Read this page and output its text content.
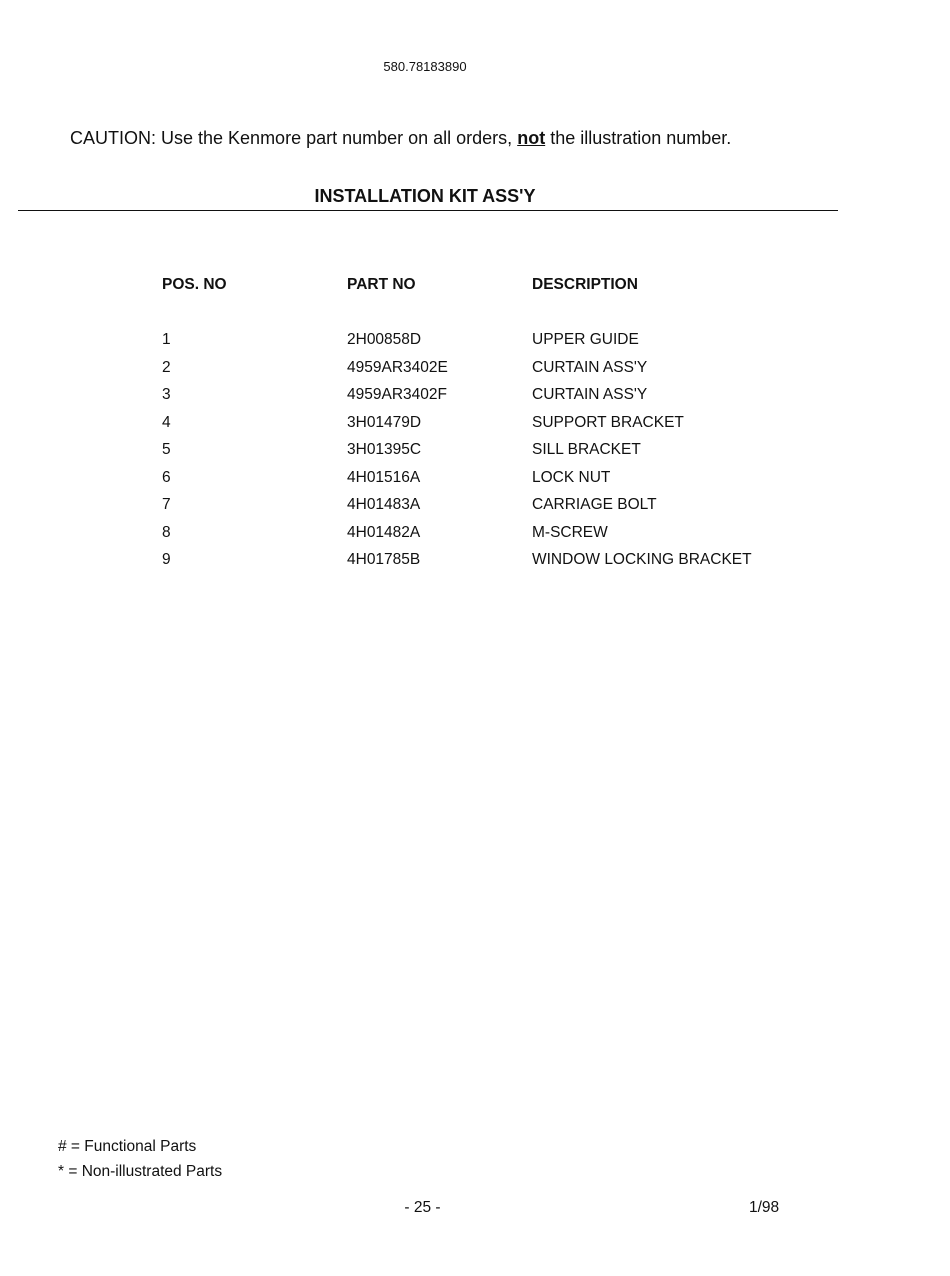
580.78183890
CAUTION: Use the Kenmore part number on all orders, not the illustration number.
INSTALLATION KIT ASS'Y
POS. NO	PART NO	DESCRIPTION

1	2H00858D	UPPER GUIDE
2	4959AR3402E	CURTAIN ASS'Y
3	4959AR3402F	CURTAIN ASS'Y
4	3H01479D	SUPPORT BRACKET
5	3H01395C	SILL BRACKET
6	4H01516A	LOCK NUT
7	4H01483A	CARRIAGE BOLT
8	4H01482A	M-SCREW
9	4H01785B	WINDOW LOCKING BRACKET
# = Functional Parts
* = Non-illustrated Parts
- 25 -	1/98
